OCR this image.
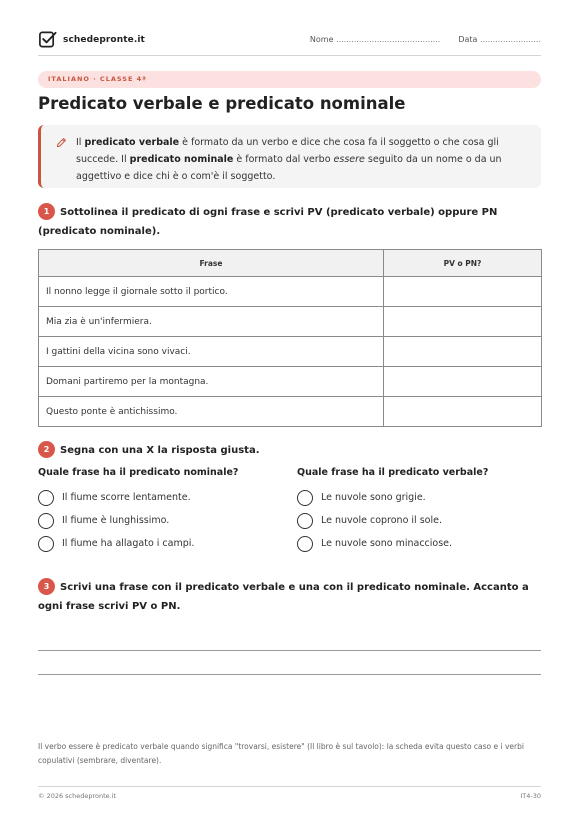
schedepronte.it	Nome ......................................... Data ........................
ITALIANO · CLASSE 4ª
Predicato verbale e predicato nominale
Il predicato verbale è formato da un verbo e dice che cosa fa il soggetto o che cosa gli succede. Il predicato nominale è formato dal verbo essere seguito da un nome o da un aggettivo e dice chi è o com'è il soggetto.
1 Sottolinea il predicato di ogni frase e scrivi PV (predicato verbale) oppure PN (predicato nominale).
Frase	PV o PN?
Il nonno legge il giornale sotto il portico.	
Mia zia è un'infermiera.	
I gattini della vicina sono vivaci.	
Domani partiremo per la montagna.	
Questo ponte è antichissimo.	
2 Segna con una X la risposta giusta.
Quale frase ha il predicato nominale?
Il fiume scorre lentamente.
Il fiume è lunghissimo.
Il fiume ha allagato i campi.
Quale frase ha il predicato verbale?
Le nuvole sono grigie.
Le nuvole coprono il sole.
Le nuvole sono minacciose.
3 Scrivi una frase con il predicato verbale e una con il predicato nominale. Accanto a ogni frase scrivi PV o PN.
Il verbo essere è predicato verbale quando significa "trovarsi, esistere" (Il libro è sul tavolo): la scheda evita questo caso e i verbi copulativi (sembrare, diventare).
© 2026 schedepronte.it	IT4-30
